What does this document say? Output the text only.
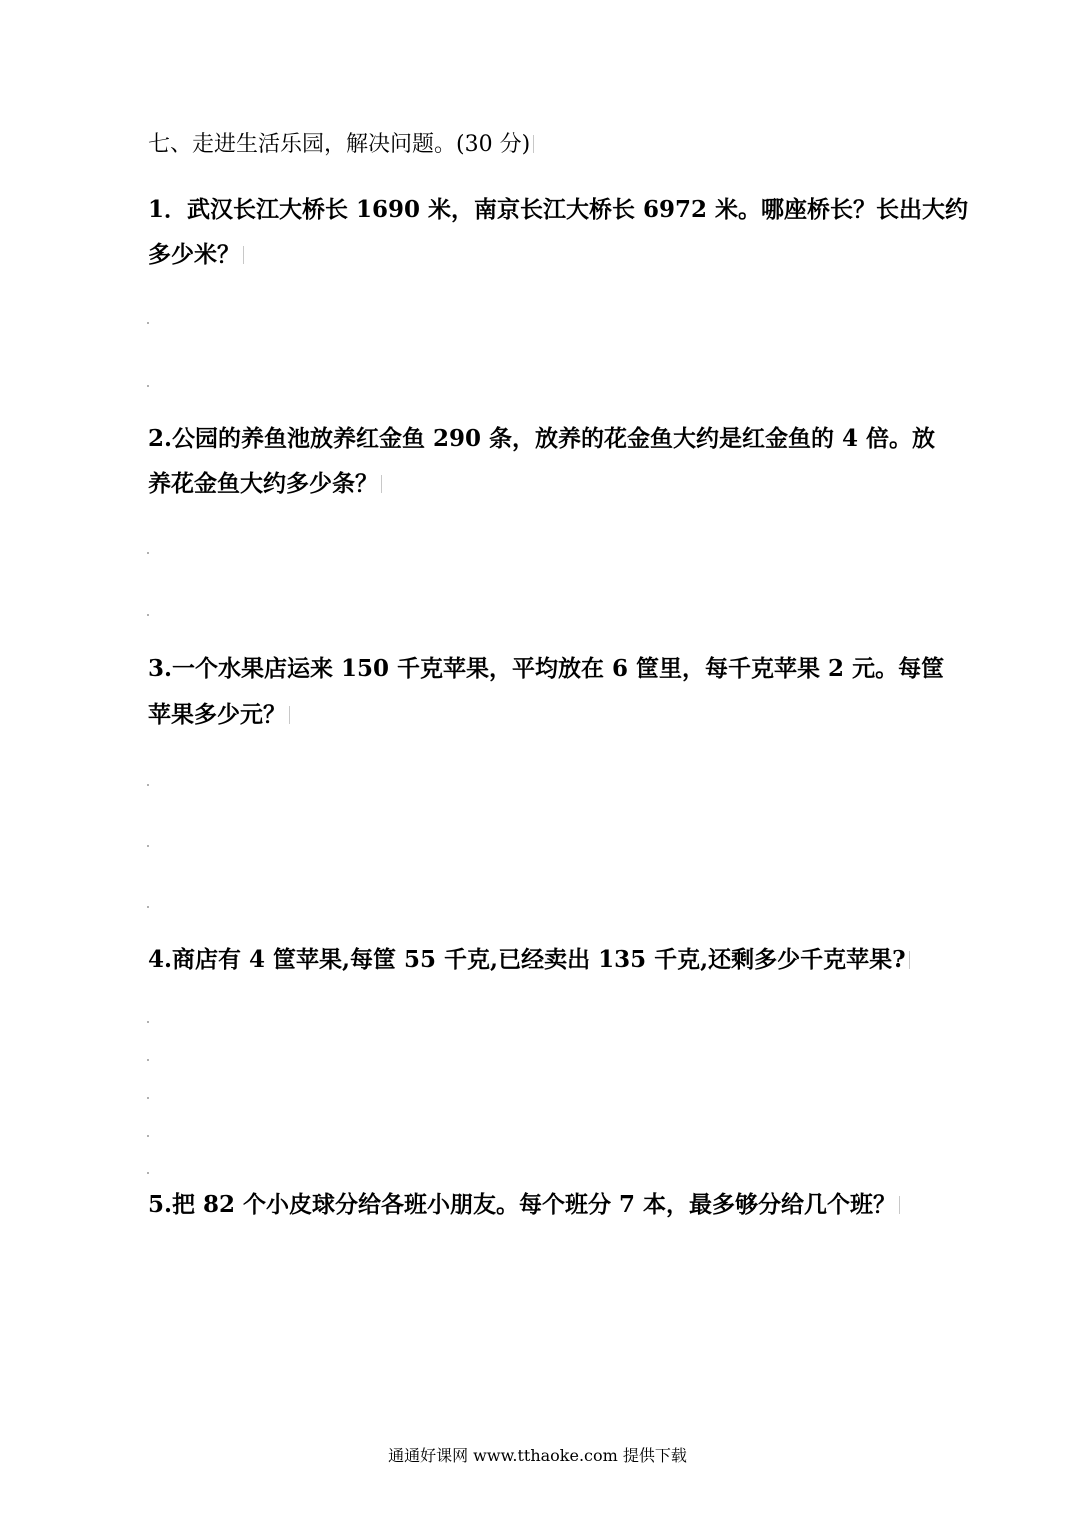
七、走进生活乐园，解决问题。(30 分)
1．武汉长江大桥长 1690 米，南京长江大桥长 6972 米。哪座桥长？长出大约
多少米？
2.公园的养鱼池放养红金鱼 290 条，放养的花金鱼大约是红金鱼的 4 倍。放
养花金鱼大约多少条？
3.一个水果店运来 150 千克苹果，平均放在 6 筐里，每千克苹果 2 元。每筐
苹果多少元？
4.商店有 4 筐苹果,每筐 55 千克,已经卖出 135 千克,还剩多少千克苹果?
5.把 82 个小皮球分给各班小朋友。每个班分 7 本，最多够分给几个班？
通通好课网 www.tthaoke.com 提供下载
